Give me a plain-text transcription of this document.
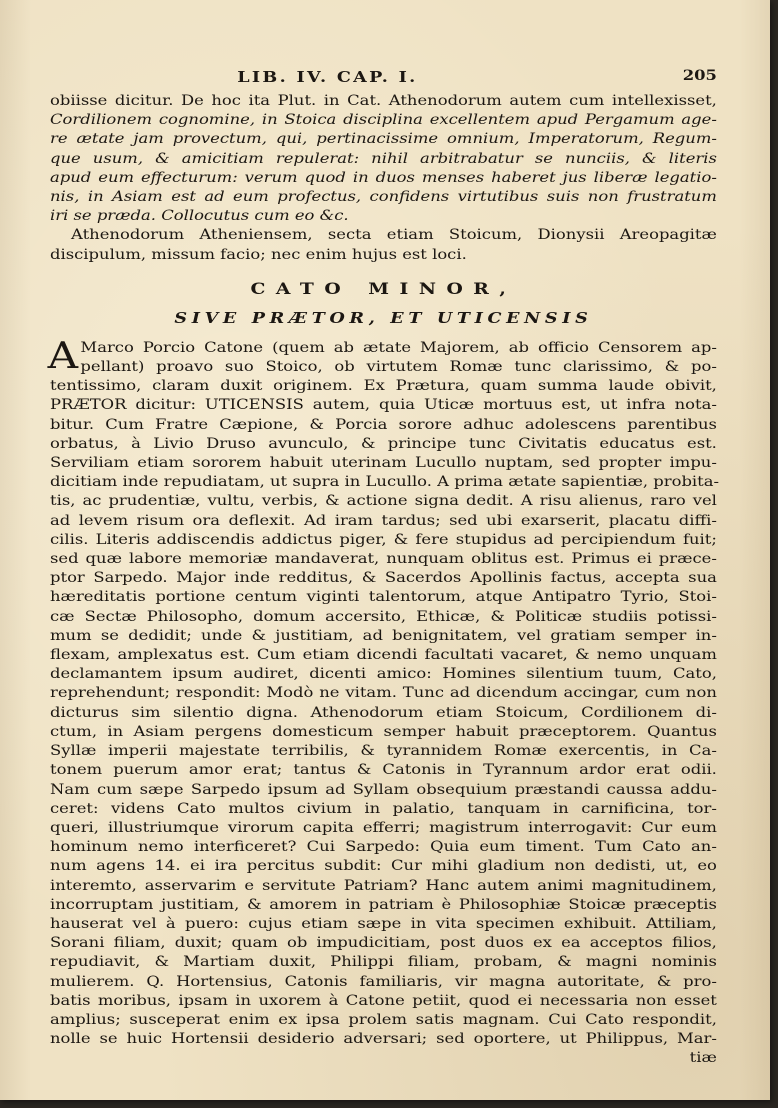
LIB. IV. CAP. I.	205
obiisse dicitur. De hoc ita Plut. in Cat. Athenodorum autem cum intellexisset,
Cordilionem cognomine, in Stoica disciplina excellentem apud Pergamum age-
re ætate jam provectum, qui, pertinacissime omnium, Imperatorum, Regum-
que usum, & amicitiam repulerat: nihil arbitrabatur se nunciis, & literis
apud eum effecturum: verum quod in duos menses haberet jus liberæ legatio-
nis, in Asiam est ad eum profectus, confidens virtutibus suis non frustratum
iri se præda. Collocutus cum eo &c.
Athenodorum Atheniensem, secta etiam Stoicum, Dionysii Areopagitæ
discipulum, missum facio; nec enim hujus est loci.
CATO MINOR,
SIVE PRÆTOR, ET UTICENSIS
A Marco Porcio Catone (quem ab ætate Majorem, ab officio Censorem ap-
pellant) proavo suo Stoico, ob virtutem Romæ tunc clarissimo, & po-
tentissimo, claram duxit originem. Ex Prætura, quam summa laude obivit,
PRÆTOR dicitur: UTICENSIS autem, quia Uticæ mortuus est, ut infra nota-
bitur. Cum Fratre Cæpione, & Porcia sorore adhuc adolescens parentibus
orbatus, à Livio Druso avunculo, & principe tunc Civitatis educatus est.
Serviliam etiam sororem habuit uterinam Lucullo nuptam, sed propter impu-
dicitiam inde repudiatam, ut supra in Lucullo. A prima ætate sapientiæ, probita-
tis, ac prudentiæ, vultu, verbis, & actione signa dedit. A risu alienus, raro vel
ad levem risum ora deflexit. Ad iram tardus; sed ubi exarserit, placatu diffi-
cilis. Literis addiscendis addictus piger, & fere stupidus ad percipiendum fuit;
sed quæ labore memoriæ mandaverat, nunquam oblitus est. Primus ei præce-
ptor Sarpedo. Major inde redditus, & Sacerdos Apollinis factus, accepta sua
hæreditatis portione centum viginti talentorum, atque Antipatro Tyrio, Stoi-
cæ Sectæ Philosopho, domum accersito, Ethicæ, & Politicæ studiis potissi-
mum se dedidit; unde & justitiam, ad benignitatem, vel gratiam semper in-
flexam, amplexatus est. Cum etiam dicendi facultati vacaret, & nemo unquam
declamantem ipsum audiret, dicenti amico: Homines silentium tuum, Cato,
reprehendunt; respondit: Modò ne vitam. Tunc ad dicendum accingar, cum non
dicturus sim silentio digna. Athenodorum etiam Stoicum, Cordilionem di-
ctum, in Asiam pergens domesticum semper habuit præceptorem. Quantus
Syllæ imperii majestate terribilis, & tyrannidem Romæ exercentis, in Ca-
tonem puerum amor erat; tantus & Catonis in Tyrannum ardor erat odii.
Nam cum sæpe Sarpedo ipsum ad Syllam obsequium præstandi caussa addu-
ceret: videns Cato multos civium in palatio, tanquam in carnificina, tor-
queri, illustriumque virorum capita efferri; magistrum interrogavit: Cur eum
hominum nemo interficeret? Cui Sarpedo: Quia eum timent. Tum Cato an-
num agens 14. ei ira percitus subdit: Cur mihi gladium non dedisti, ut, eo
interemto, asservarim e servitute Patriam? Hanc autem animi magnitudinem,
incorruptam justitiam, & amorem in patriam è Philosophiæ Stoicæ præceptis
hauserat vel à puero: cujus etiam sæpe in vita specimen exhibuit. Attiliam,
Sorani filiam, duxit; quam ob impudicitiam, post duos ex ea acceptos filios,
repudiavit, & Martiam duxit, Philippi filiam, probam, & magni nominis
mulierem. Q. Hortensius, Catonis familiaris, vir magna autoritate, & pro-
batis moribus, ipsam in uxorem à Catone petiit, quod ei necessaria non esset
amplius; susceperat enim ex ipsa prolem satis magnam. Cui Cato respondit,
nolle se huic Hortensii desiderio adversari; sed oportere, ut Philippus, Mar-
tiæ
